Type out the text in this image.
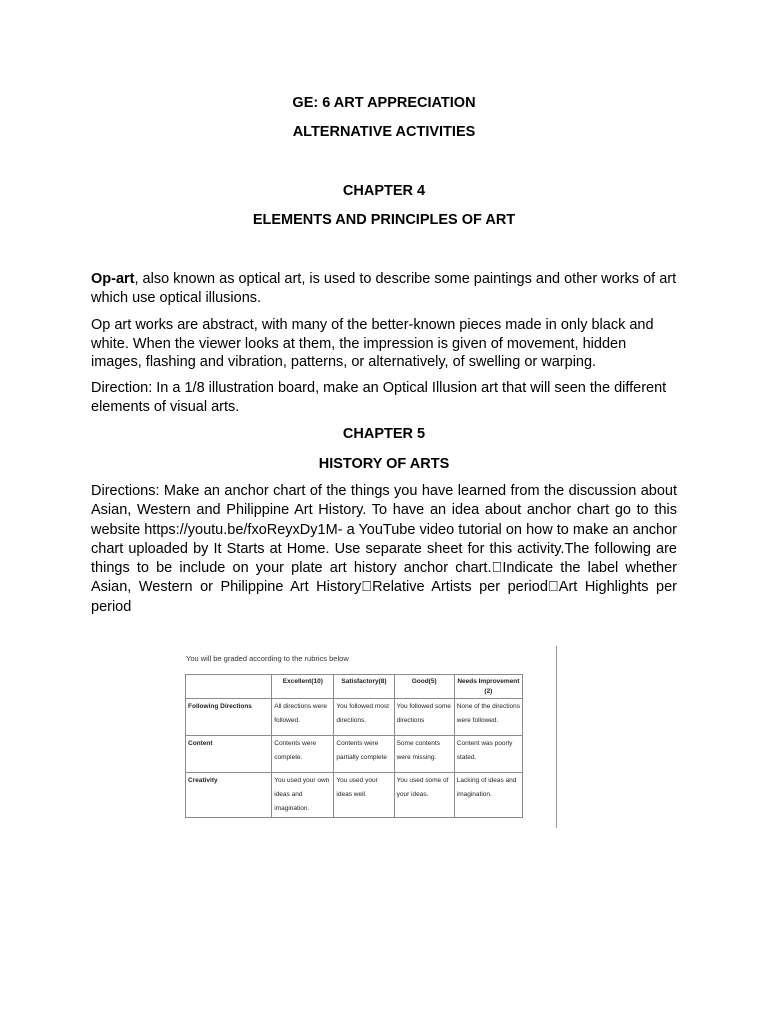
GE: 6 ART APPRECIATION

ALTERNATIVE ACTIVITIES

CHAPTER 4

ELEMENTS AND PRINCIPLES OF ART

Op-art, also known as optical art, is used to describe some paintings and other works of art which use optical illusions.

Op art works are abstract, with many of the better-known pieces made in only black and white. When the viewer looks at them, the impression is given of movement, hidden images, flashing and vibration, patterns, or alternatively, of swelling or warping.

Direction: In a 1/8 illustration board, make an Optical Illusion art that will seen the different elements of visual arts.

CHAPTER 5

HISTORY OF ARTS

Directions: Make an anchor chart of the things you have learned from the discussion about Asian, Western and Philippine Art History. To have an idea about anchor chart go to this website https://youtu.be/fxoReyxDy1M- a YouTube video tutorial on how to make an anchor chart uploaded by It Starts at Home. Use separate sheet for this activity.The following are things to be include on your plate art history anchor chart. Indicate the label whether Asian, Western or Philippine Art History Relative Artists per period Art Highlights per period

You will be graded according to the rubrics below

	Excellent(10)	Satisfactory(8)	Good(5)	Needs Improvement (2)
Following Directions	All directions were followed.	You followed most directions.	You followed some directions	None of the directions were followed.
Content	Contents were complete.	Contents were partially complete	Some contents were missing.	Content was poorly stated.
Creativity	You used your own ideas and imagination.	You used your ideas well.	You used some of your ideas.	Lacking of ideas and imagination.
